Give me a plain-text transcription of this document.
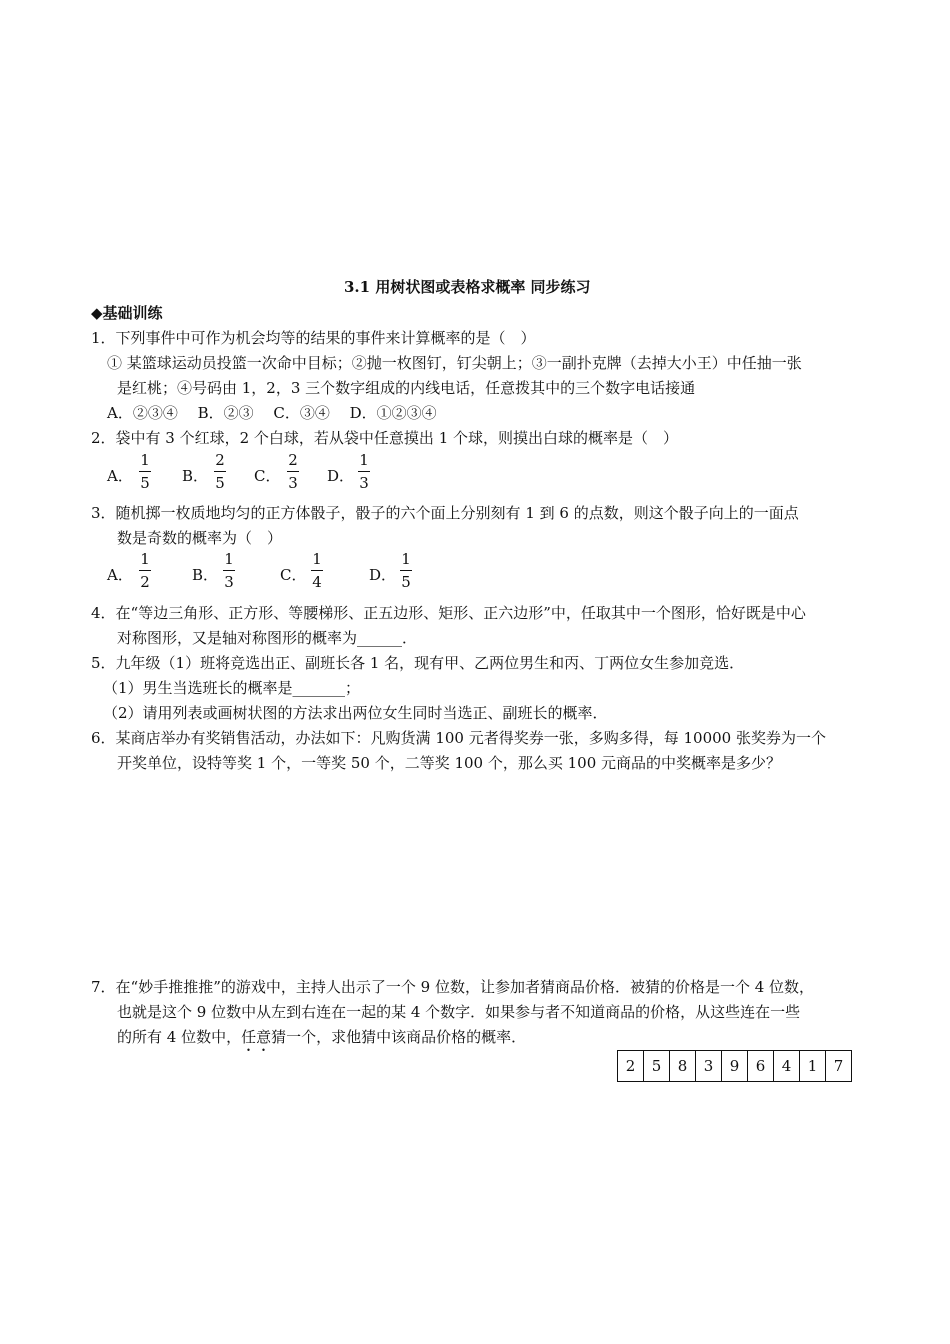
3.1 用树状图或表格求概率 同步练习
◆基础训练
1．下列事件中可作为机会均等的结果的事件来计算概率的是（　）
① 某篮球运动员投篮一次命中目标；②抛一枚图钉，钉尖朝上；③一副扑克牌（去掉大小王）中任抽一张
是红桃；④号码由 1，2，3 三个数字组成的内线电话，任意拨其中的三个数字电话接通
A．②③④　 B．②③　 C．③④　 D．①②③④
2．袋中有 3 个红球，2 个白球，若从袋中任意摸出 1 个球，则摸出白球的概率是（　）
A．
1
5 B．
2
5 C．
2
3 D．
1
3
3．随机掷一枚质地均匀的正方体骰子，骰子的六个面上分别刻有 1 到 6 的点数，则这个骰子向上的一面点
数是奇数的概率为（　）
A．
1
2	B．
1
3	C．
1
4	D．
1
5
4．在“等边三角形、正方形、等腰梯形、正五边形、矩形、正六边形”中，任取其中一个图形，恰好既是中心
对称图形，又是轴对称图形的概率为______．
5．九年级（1）班将竞选出正、副班长各 1 名，现有甲、乙两位男生和丙、丁两位女生参加竞选．
（1）男生当选班长的概率是_______；
（2）请用列表或画树状图的方法求出两位女生同时当选正、副班长的概率．
6．某商店举办有奖销售活动，办法如下：凡购货满 100 元者得奖券一张，多购多得，每 10000 张奖券为一个
开奖单位，设特等奖 1 个，一等奖 50 个，二等奖 100 个，那么买 100 元商品的中奖概率是多少？
7．在“妙手推推推”的游戏中，主持人出示了一个 9 位数，让参加者猜商品价格．被猜的价格是一个 4 位数，
也就是这个 9 位数中从左到右连在一起的某 4 个数字．如果参与者不知道商品的价格，从这些连在一些
的所有 4 位数中，任意猜一个，求他猜中该商品价格的概率．
2	5	8	3	9	6	4	1	7
